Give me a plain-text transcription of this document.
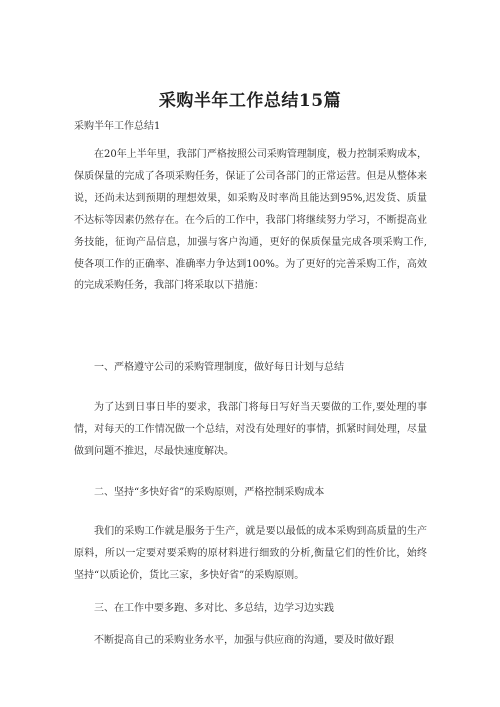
采购半年工作总结15篇

采购半年工作总结1

在20年上半年里，我部门严格按照公司采购管理制度，极力控制采购成本，保质保量的完成了各项采购任务，保证了公司各部门的正常运营。但是从整体来说，还尚未达到预期的理想效果，如采购及时率尚且能达到95%,迟发货、质量不达标等因素仍然存在。在今后的工作中，我部门将继续努力学习，不断提高业务技能，征询产品信息，加强与客户沟通，更好的保质保量完成各项采购工作,使各项工作的正确率、准确率力争达到100%。为了更好的完善采购工作，高效的完成采购任务，我部门将采取以下措施：

一、严格遵守公司的采购管理制度，做好每日计划与总结

为了达到日事日毕的要求，我部门将每日写好当天要做的工作,要处理的事情，对每天的工作情况做一个总结，对没有处理好的事情，抓紧时间处理，尽量做到问题不推迟，尽最快速度解决。

二、坚持“多快好省”的采购原则，严格控制采购成本

我们的采购工作就是服务于生产，就是要以最低的成本采购到高质量的生产原料，所以一定要对要采购的原材料进行细致的分析,衡量它们的性价比，始终坚持“以质论价，货比三家，多快好省”的采购原则。

三、在工作中要多跑、多对比、多总结，边学习边实践

不断提高自己的采购业务水平，加强与供应商的沟通，要及时做好跟
